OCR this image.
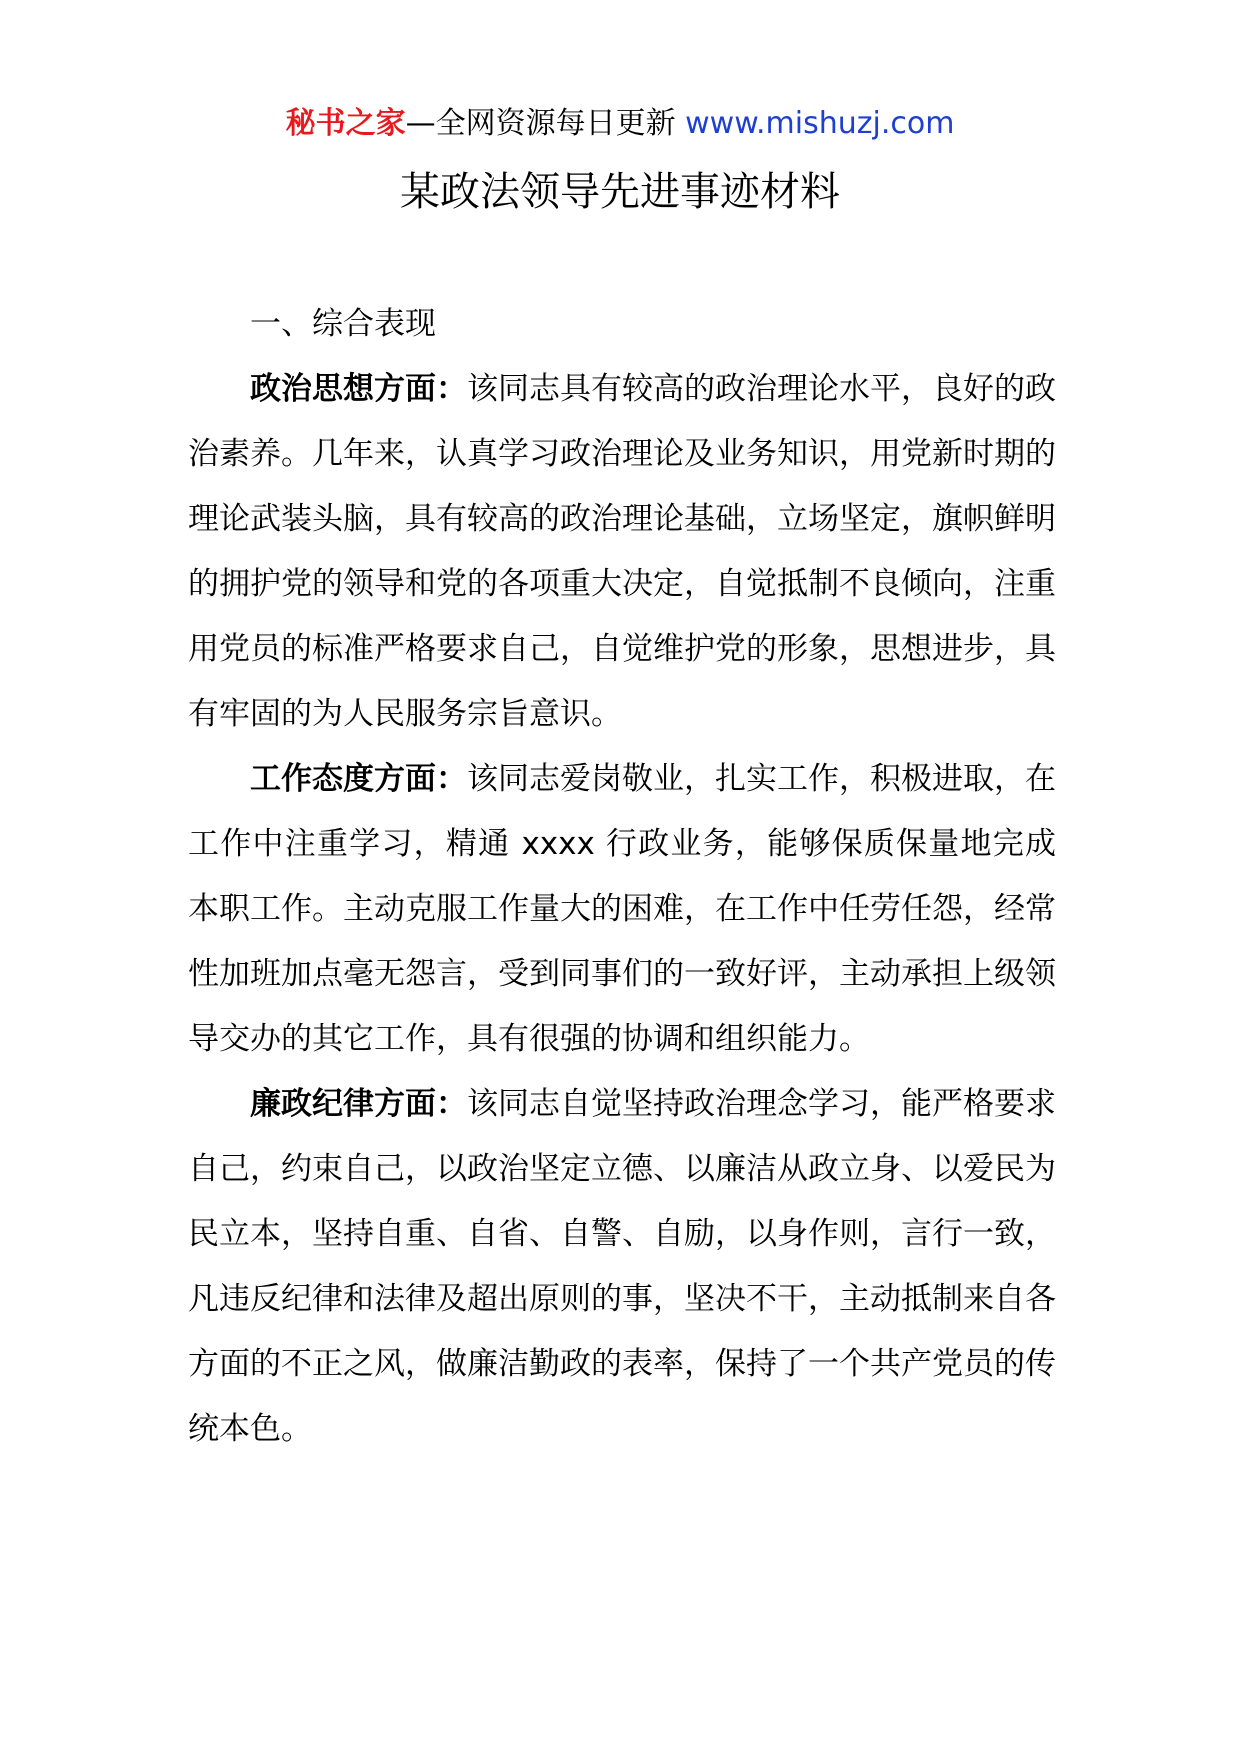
秘书之家—全网资源每日更新 www.mishuzj.com
某政法领导先进事迹材料

一、综合表现

政治思想方面：该同志具有较高的政治理论水平，良好的政治素养。几年来，认真学习政治理论及业务知识，用党新时期的理论武装头脑，具有较高的政治理论基础，立场坚定，旗帜鲜明的拥护党的领导和党的各项重大决定，自觉抵制不良倾向，注重用党员的标准严格要求自己，自觉维护党的形象，思想进步，具有牢固的为人民服务宗旨意识。

工作态度方面：该同志爱岗敬业，扎实工作，积极进取，在工作中注重学习，精通 xxxx 行政业务，能够保质保量地完成本职工作。主动克服工作量大的困难，在工作中任劳任怨，经常性加班加点毫无怨言，受到同事们的一致好评，主动承担上级领导交办的其它工作，具有很强的协调和组织能力。

廉政纪律方面：该同志自觉坚持政治理念学习，能严格要求自己，约束自己，以政治坚定立德、以廉洁从政立身、以爱民为民立本，坚持自重、自省、自警、自励，以身作则，言行一致，凡违反纪律和法律及超出原则的事，坚决不干，主动抵制来自各方面的不正之风，做廉洁勤政的表率，保持了一个共产党员的传统本色。
